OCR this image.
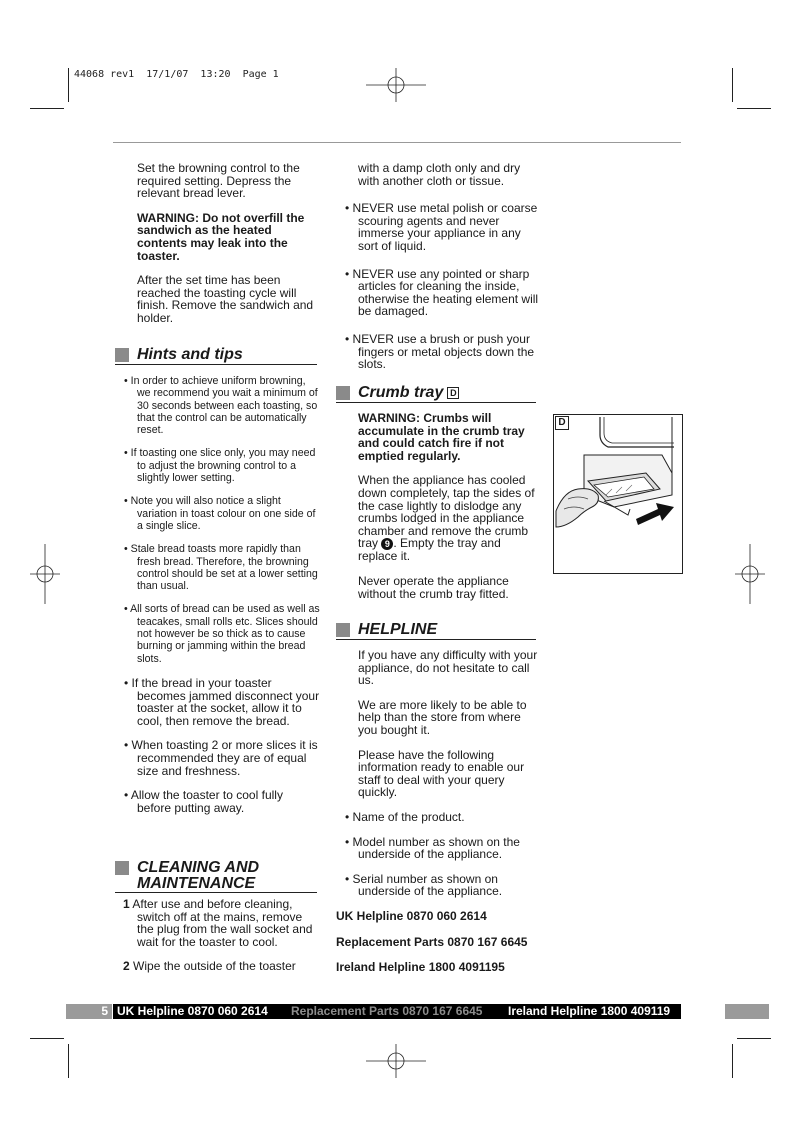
44068 rev1  17/1/07  13:20  Page 1

Set the browning control to the required setting. Depress the relevant bread lever.

WARNING: Do not overfill the sandwich as the heated contents may leak into the toaster.

After the set time has been reached the toasting cycle will finish. Remove the sandwich and holder.

Hints and tips

• In order to achieve uniform browning, we recommend you wait a minimum of 30 seconds between each toasting, so that the control can be automatically reset.

• If toasting one slice only, you may need to adjust the browning control to a slightly lower setting.

• Note you will also notice a slight variation in toast colour on one side of a single slice.

• Stale bread toasts more rapidly than fresh bread. Therefore, the browning control should be set at a lower setting than usual.

• All sorts of bread can be used as well as teacakes, small rolls etc. Slices should not however be so thick as to cause burning or jamming within the bread slots.

• If the bread in your toaster becomes jammed disconnect your toaster at the socket, allow it to cool, then remove the bread.

• When toasting 2 or more slices it is recommended they are of equal size and freshness.

• Allow the toaster to cool fully before putting away.

CLEANING AND
MAINTENANCE

1 After use and before cleaning, switch off at the mains, remove the plug from the wall socket and wait for the toaster to cool.

2 Wipe the outside of the toaster

with a damp cloth only and dry with another cloth or tissue.

• NEVER use metal polish or coarse scouring agents and never immerse your appliance in any sort of liquid.

• NEVER use any pointed or sharp articles for cleaning the inside, otherwise the heating element will be damaged.

• NEVER use a brush or push your fingers or metal objects down the slots.

Crumb tray D

WARNING: Crumbs will accumulate in the crumb tray and could catch fire if not emptied regularly.

When the appliance has cooled down completely, tap the sides of the case lightly to dislodge any crumbs lodged in the appliance chamber and remove the crumb tray 9 . Empty the tray and replace it.

Never operate the appliance without the crumb tray fitted.

HELPLINE

If you have any difficulty with your appliance, do not hesitate to call us.

We are more likely to be able to help than the store from where you bought it.

Please have the following information ready to enable our staff to deal with your query quickly.

• Name of the product.

• Model number as shown on the underside of the appliance.

• Serial number as shown on underside of the appliance.

UK Helpline 0870 060 2614

Replacement Parts 0870 167 6645

Ireland Helpline 1800 4091195

D
5 UK Helpline 0870 060 2614 Replacement Parts 0870 167 6645 Ireland Helpline 1800 409119
